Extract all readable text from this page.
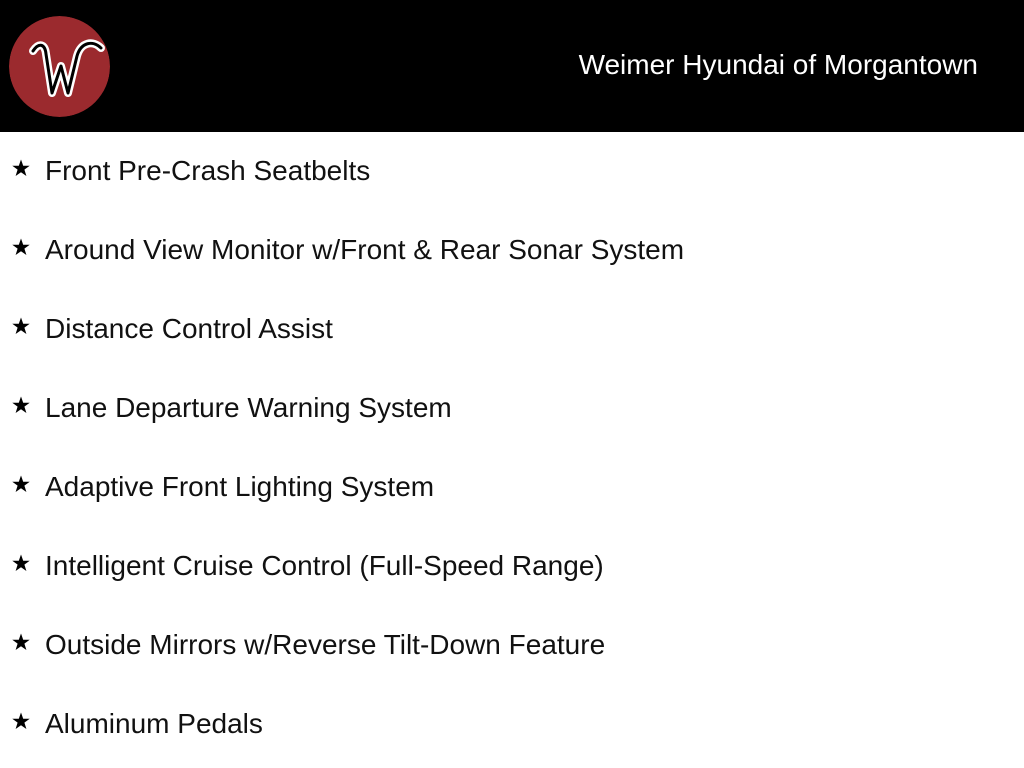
Weimer Hyundai of Morgantown
Front Pre-Crash Seatbelts
Around View Monitor w/Front & Rear Sonar System
Distance Control Assist
Lane Departure Warning System
Adaptive Front Lighting System
Intelligent Cruise Control (Full-Speed Range)
Outside Mirrors w/Reverse Tilt-Down Feature
Aluminum Pedals
